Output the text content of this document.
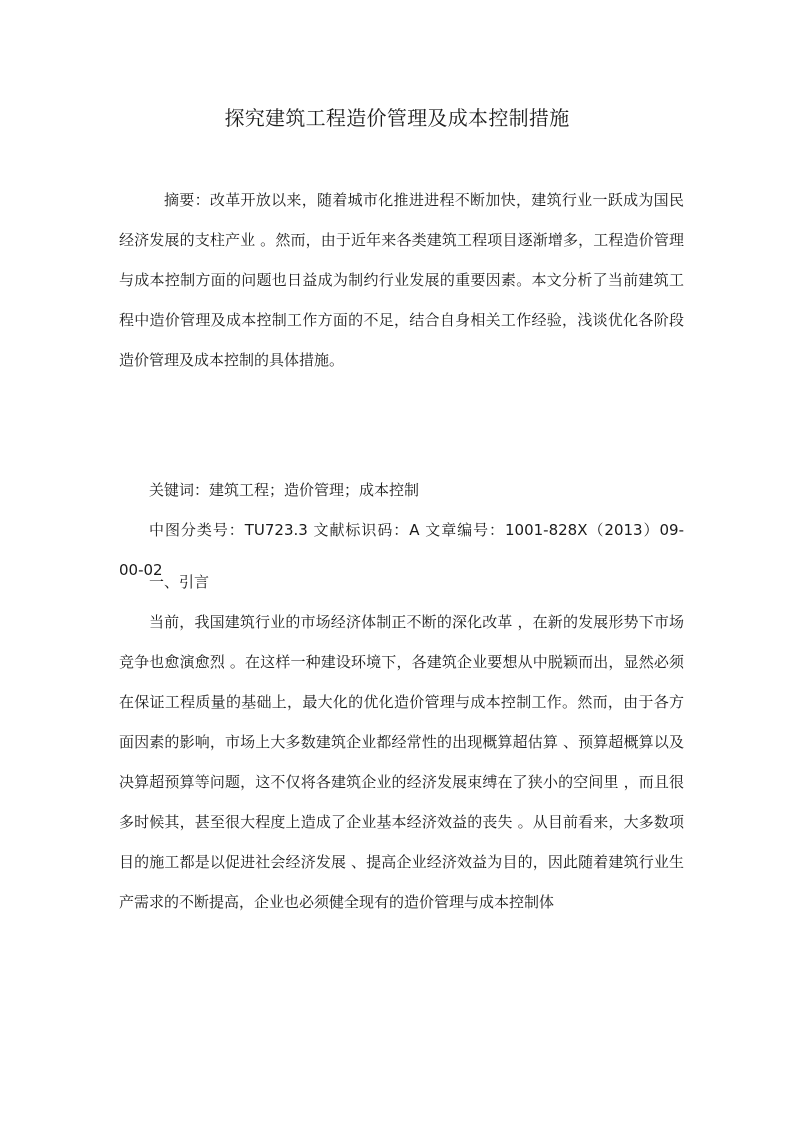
探究建筑工程造价管理及成本控制措施

摘要：改革开放以来，随着城市化推进进程不断加快，建筑行业一跃成为国民经济发展的支柱产业 。然而，由于近年来各类建筑工程项目逐渐增多，工程造价管理与成本控制方面的问题也日益成为制约行业发展的重要因素。本文分析了当前建筑工程中造价管理及成本控制工作方面的不足，结合自身相关工作经验，浅谈优化各阶段造价管理及成本控制的具体措施。

关键词：建筑工程；造价管理；成本控制

中图分类号：TU723.3 文献标识码：A 文章编号：1001-828X（2013）09-00-02

一、引言

当前，我国建筑行业的市场经济体制正不断的深化改革 ，在新的发展形势下市场竞争也愈演愈烈 。在这样一种建设环境下，各建筑企业要想从中脱颖而出，显然必须在保证工程质量的基础上，最大化的优化造价管理与成本控制工作。然而，由于各方面因素的影响，市场上大多数建筑企业都经常性的出现概算超估算 、预算超概算以及决算超预算等问题，这不仅将各建筑企业的经济发展束缚在了狭小的空间里 ，而且很多时候其，甚至很大程度上造成了企业基本经济效益的丧失 。从目前看来，大多数项目的施工都是以促进社会经济发展 、提高企业经济效益为目的，因此随着建筑行业生产需求的不断提高，企业也必须健全现有的造价管理与成本控制体
